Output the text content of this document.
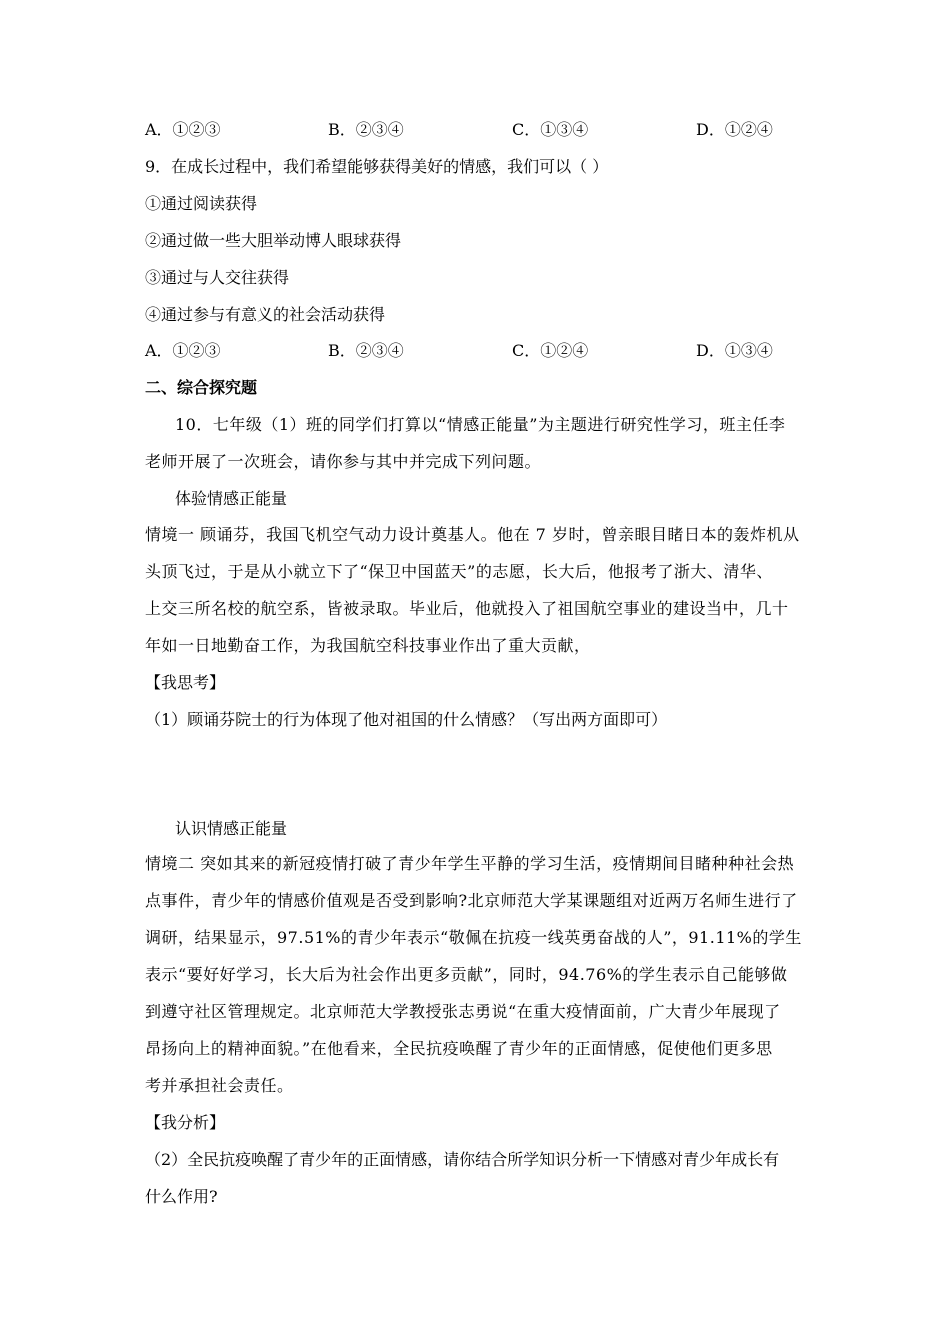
A．①②③	B．②③④	C．①③④	D．①②④
9．在成长过程中，我们希望能够获得美好的情感，我们可以（ ）
①通过阅读获得
②通过做一些大胆举动博人眼球获得
③通过与人交往获得
④通过参与有意义的社会活动获得
A．①②③	B．②③④	C．①②④	D．①③④
二、综合探究题
10．七年级（1）班的同学们打算以“情感正能量”为主题进行研究性学习，班主任李
老师开展了一次班会，请你参与其中并完成下列问题。
体验情感正能量
情境一 顾诵芬，我国飞机空气动力设计奠基人。他在 7 岁时，曾亲眼目睹日本的轰炸机从
头顶飞过，于是从小就立下了“保卫中国蓝天”的志愿，长大后，他报考了浙大、清华、
上交三所名校的航空系，皆被录取。毕业后，他就投入了祖国航空事业的建设当中，几十
年如一日地勤奋工作，为我国航空科技事业作出了重大贡献，
【我思考】
（1）顾诵芬院士的行为体现了他对祖国的什么情感？（写出两方面即可）
认识情感正能量
情境二 突如其来的新冠疫情打破了青少年学生平静的学习生活，疫情期间目睹种种社会热
点事件，青少年的情感价值观是否受到影响?北京师范大学某课题组对近两万名师生进行了
调研，结果显示，97.51%的青少年表示“敬佩在抗疫一线英勇奋战的人”，91.11%的学生
表示“要好好学习，长大后为社会作出更多贡献”，同时，94.76%的学生表示自己能够做
到遵守社区管理规定。北京师范大学教授张志勇说“在重大疫情面前，广大青少年展现了
昂扬向上的精神面貌。”在他看来，全民抗疫唤醒了青少年的正面情感，促使他们更多思
考并承担社会责任。
【我分析】
（2）全民抗疫唤醒了青少年的正面情感，请你结合所学知识分析一下情感对青少年成长有
什么作用?
